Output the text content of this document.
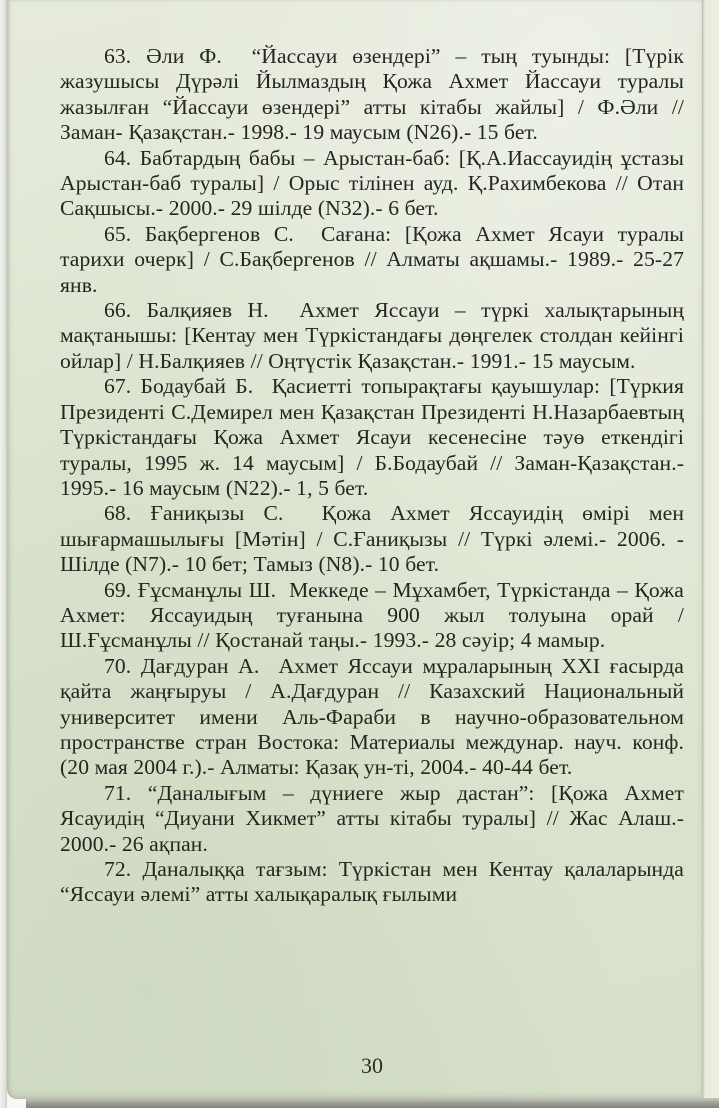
63. Әли Ф.  “Йассауи өзендері” – тың туынды: [Түрік жазушысы Дүрәлі Йылмаздың Қожа Ахмет Йассауи туралы жазылған “Йассауи өзендері” атты кітабы жайлы] / Ф.Әли // Заман- Қазақстан.- 1998.- 19 маусым (N26).- 15 бет.

64. Бабтардың бабы – Арыстан-баб: [Қ.А.Иассауидің ұстазы Арыстан-баб туралы] / Орыс тілінен ауд. Қ.Рахимбекова // Отан Сақшысы.- 2000.- 29 шілде (N32).- 6 бет.

65. Бақбергенов С.  Сағана: [Қожа Ахмет Ясауи туралы тарихи очерк] / С.Бақбергенов // Алматы ақшамы.- 1989.- 25-27 янв.

66. Балқияев Н.  Ахмет Яссауи – түркі халықтарының мақтанышы: [Кентау мен Түркістандағы дөңгелек столдан кейінгі ойлар] / Н.Балқияев // Оңтүстік Қазақстан.- 1991.- 15 маусым.

67. Бодаубай Б.  Қасиетті топырақтағы қауышулар: [Түркия Президенті С.Демирел мен Қазақстан Президенті Н.Назарбаевтың Түркістандағы Қожа Ахмет Ясауи кесенесіне тәуө еткендігі туралы, 1995 ж. 14 маусым] / Б.Бодаубай // Заман-Қазақстан.- 1995.- 16 маусым (N22).- 1, 5 бет.

68. Ғаниқызы С.  Қожа Ахмет Яссауидің өмірі мен шығармашылығы [Мәтін] / С.Ғаниқызы // Түркі әлемі.- 2006. - Шілде (N7).- 10 бет; Тамыз (N8).- 10 бет.

69. Ғұсманұлы Ш.  Меккеде – Мұхамбет, Түркістанда – Қожа Ахмет: Яссауидың туғанына 900 жыл толуына орай / Ш.Ғұсманұлы // Қостанай таңы.- 1993.- 28 сәуір; 4 мамыр.

70. Дағдуран А.  Ахмет Яссауи мұраларының XXI ғасырда қайта жаңғыруы / А.Дағдуран // Казахский Национальный университет имени Аль-Фараби в научно-образовательном пространстве стран Востока: Материалы междунар. науч. конф. (20 мая 2004 г.).- Алматы: Қазақ ун-ті, 2004.- 40-44 бет.

71. “Даналығым – дүниеге жыр дастан”: [Қожа Ахмет Ясауидің “Диуани Хикмет” атты кітабы туралы] // Жас Алаш.- 2000.- 26 ақпан.

72. Даналыққа тағзым: Түркістан мен Кентау қалаларында “Яссауи әлемі” атты халықаралық ғылыми

30
